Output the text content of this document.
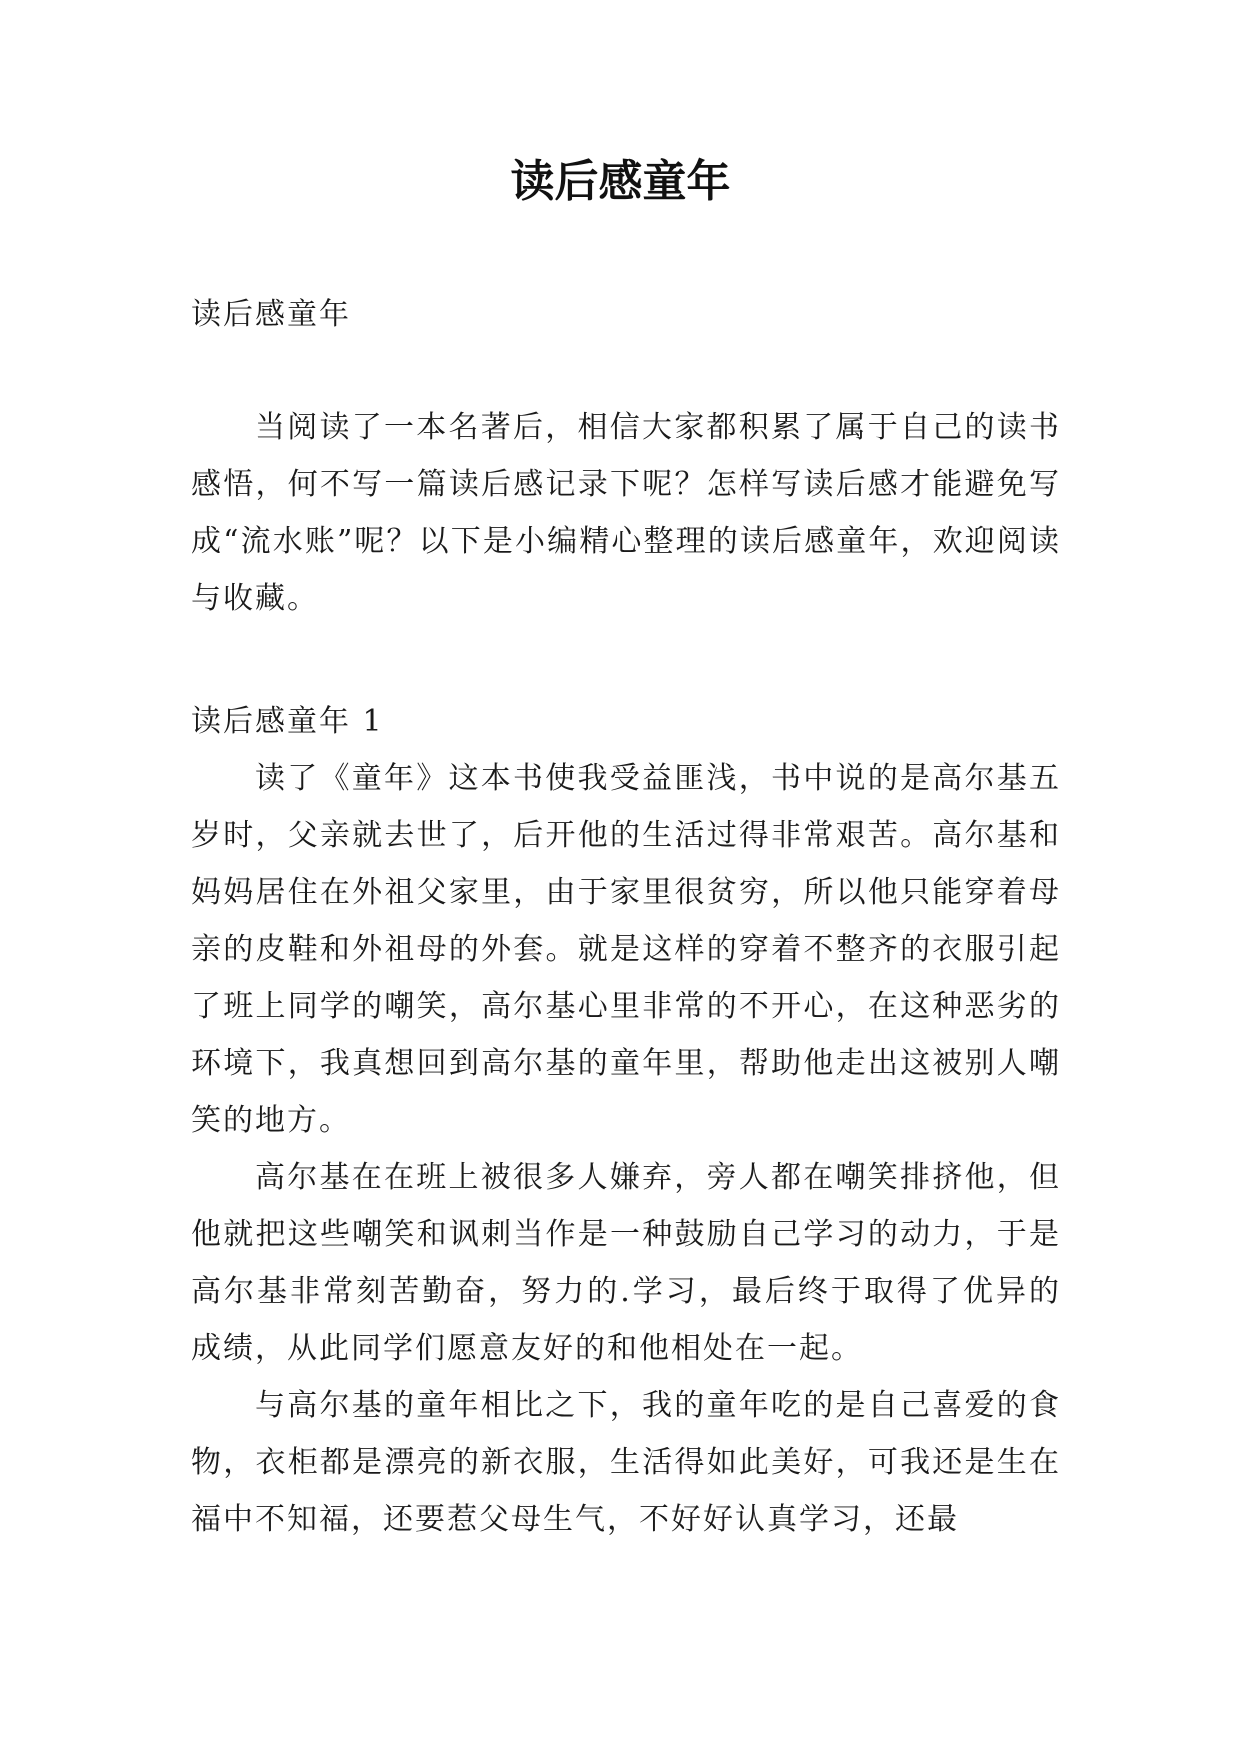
读后感童年

读后感童年

当阅读了一本名著后，相信大家都积累了属于自己的读书感悟，何不写一篇读后感记录下呢？怎样写读后感才能避免写成“流水账”呢？以下是小编精心整理的读后感童年，欢迎阅读与收藏。

读后感童年 1

读了《童年》这本书使我受益匪浅，书中说的是高尔基五岁时，父亲就去世了，后开他的生活过得非常艰苦。高尔基和妈妈居住在外祖父家里，由于家里很贫穷，所以他只能穿着母亲的皮鞋和外祖母的外套。就是这样的穿着不整齐的衣服引起了班上同学的嘲笑，高尔基心里非常的不开心，在这种恶劣的环境下，我真想回到高尔基的童年里，帮助他走出这被别人嘲笑的地方。

高尔基在在班上被很多人嫌弃，旁人都在嘲笑排挤他，但他就把这些嘲笑和讽刺当作是一种鼓励自己学习的动力，于是高尔基非常刻苦勤奋，努力的.学习，最后终于取得了优异的成绩，从此同学们愿意友好的和他相处在一起。

与高尔基的童年相比之下，我的童年吃的是自己喜爱的食物，衣柜都是漂亮的新衣服，生活得如此美好，可我还是生在福中不知福，还要惹父母生气，不好好认真学习，还最
